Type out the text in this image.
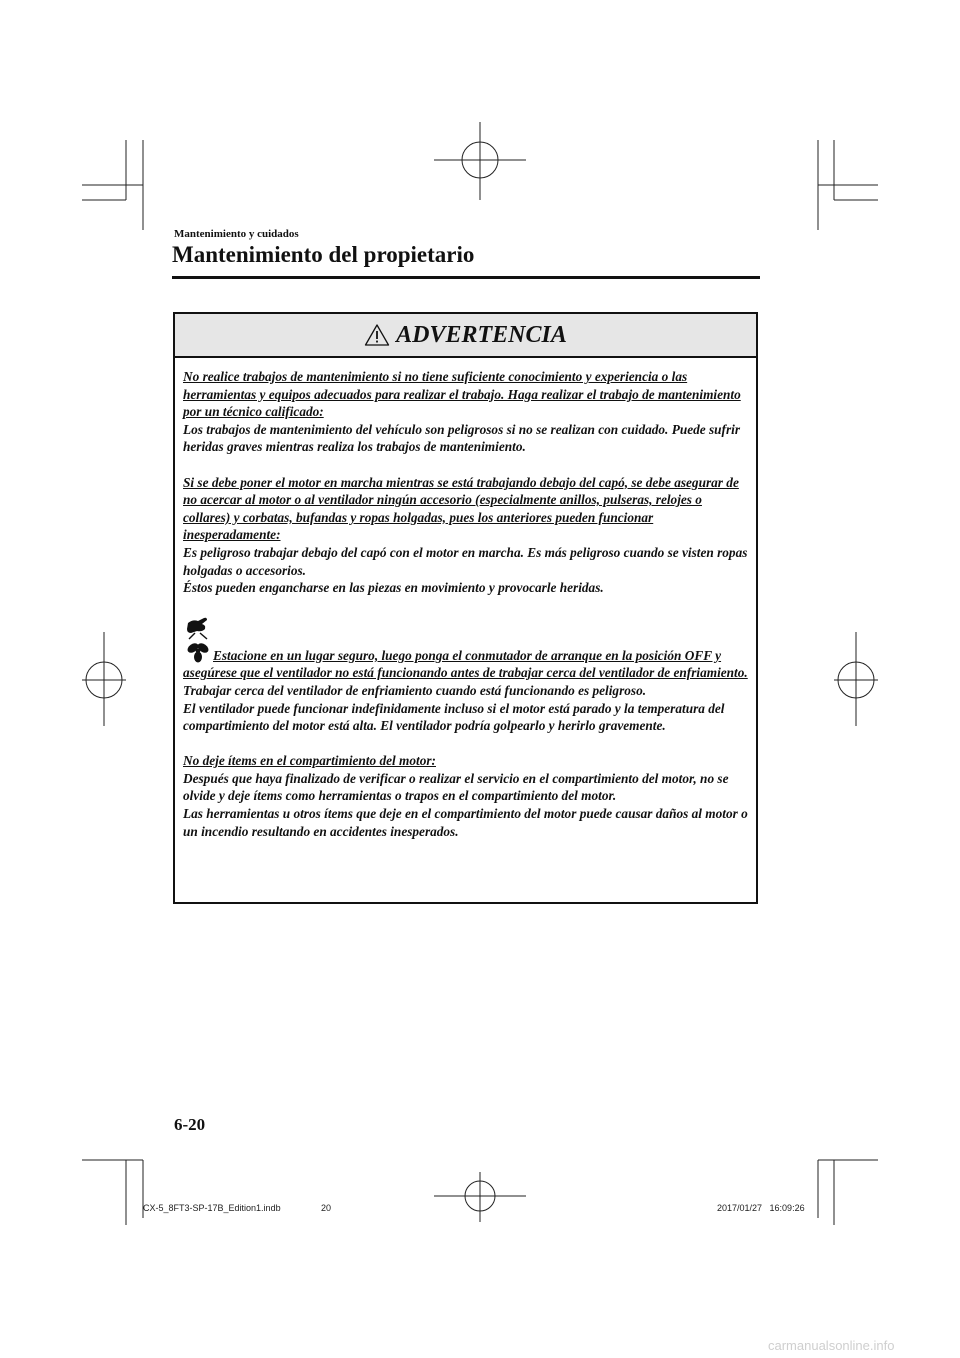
Mantenimiento y cuidados
Mantenimiento del propietario
ADVERTENCIA

No realice trabajos de mantenimiento si no tiene suficiente conocimiento y experiencia o las herramientas y equipos adecuados para realizar el trabajo. Haga realizar el trabajo de mantenimiento por un técnico calificado:
Los trabajos de mantenimiento del vehículo son peligrosos si no se realizan con cuidado. Puede sufrir heridas graves mientras realiza los trabajos de mantenimiento.

Si se debe poner el motor en marcha mientras se está trabajando debajo del capó, se debe asegurar de no acercar al motor o al ventilador ningún accesorio (especialmente anillos, pulseras, relojes o collares) y corbatas, bufandas y ropas holgadas, pues los anteriores pueden funcionar inesperadamente:
Es peligroso trabajar debajo del capó con el motor en marcha. Es más peligroso cuando se visten ropas holgadas o accesorios.
Éstos pueden engancharse en las piezas en movimiento y provocarle heridas.

Estacione en un lugar seguro, luego ponga el conmutador de arranque en la posición OFF y asegúrese que el ventilador no está funcionando antes de trabajar cerca del ventilador de enfriamiento.
Trabajar cerca del ventilador de enfriamiento cuando está funcionando es peligroso.
El ventilador puede funcionar indefinidamente incluso si el motor está parado y la temperatura del compartimiento del motor está alta. El ventilador podría golpearlo y herirlo gravemente.

No deje ítems en el compartimiento del motor:
Después que haya finalizado de verificar o realizar el servicio en el compartimiento del motor, no se olvide y deje ítems como herramientas o trapos en el compartimiento del motor.
Las herramientas u otros ítems que deje en el compartimiento del motor puede causar daños al motor o un incendio resultando en accidentes inesperados.

6-20
CX-5_8FT3-SP-17B_Edition1.indb	20	2017/01/27   16:09:26
carmanualsonline.info
